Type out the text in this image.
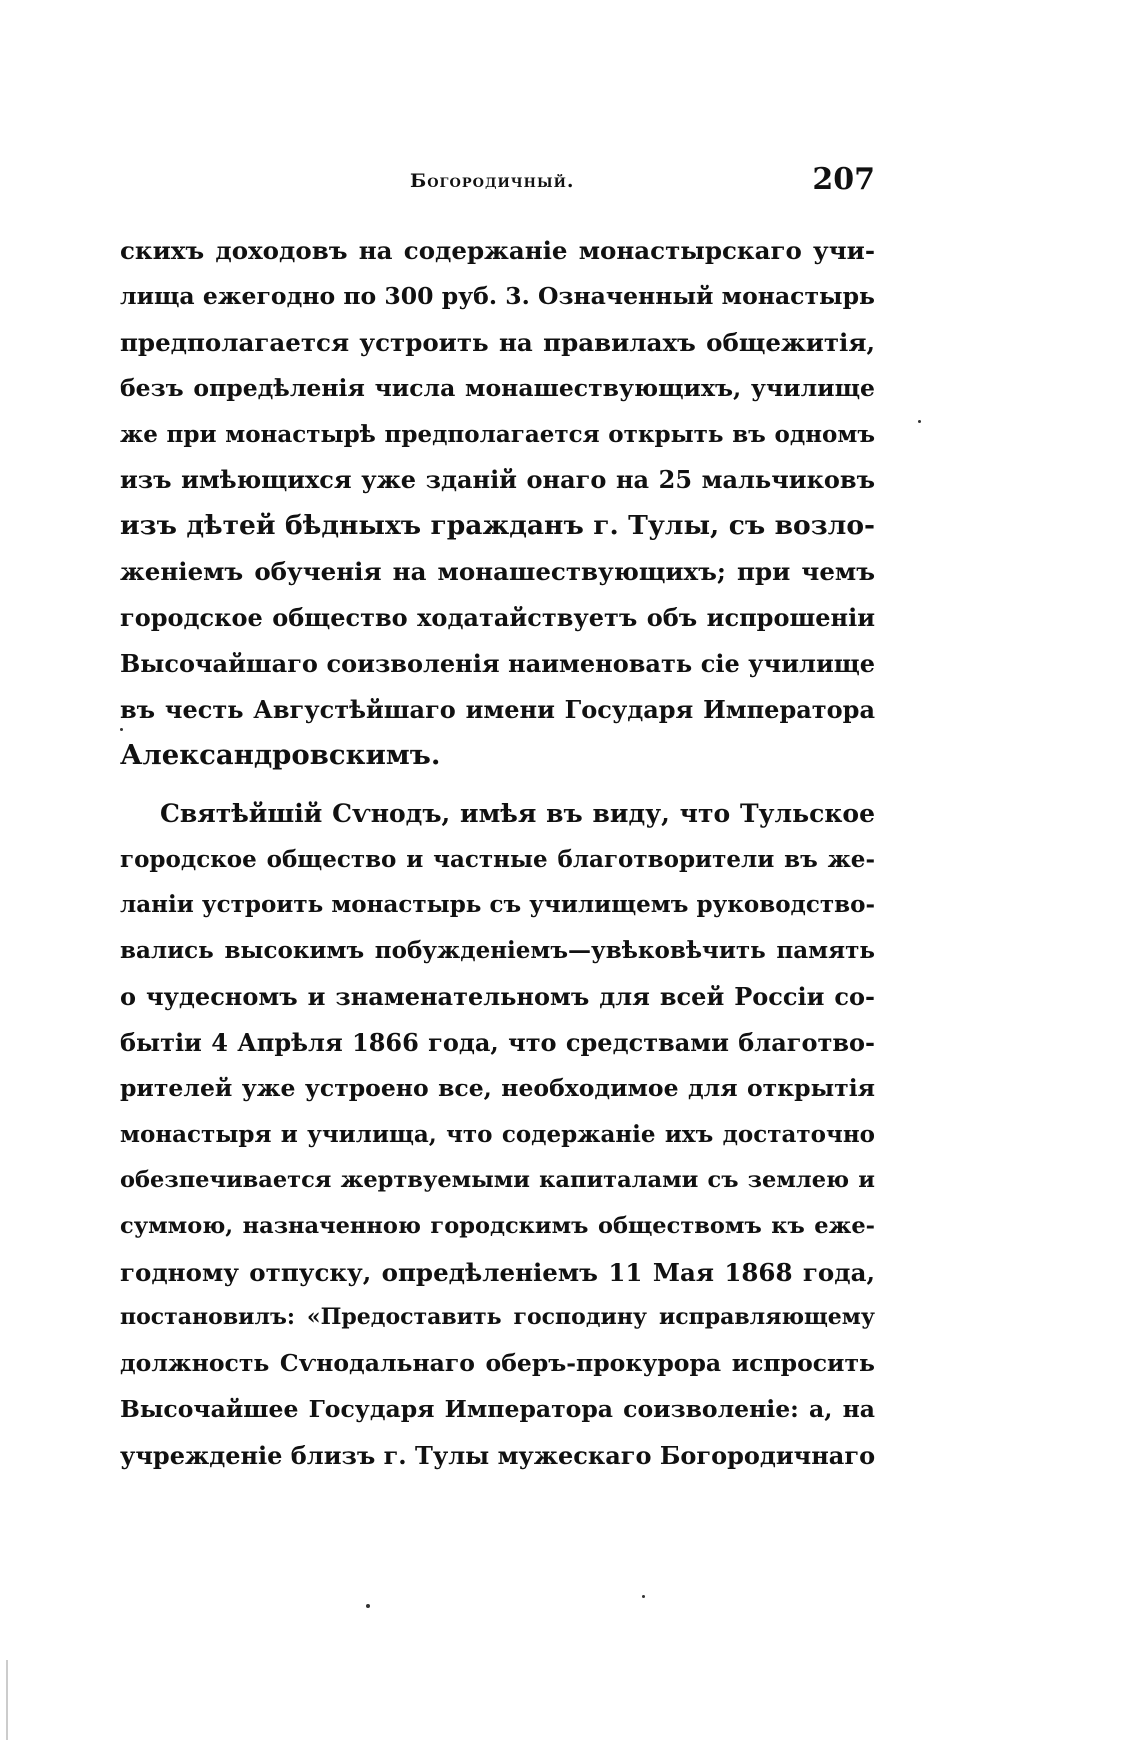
Богородичный.	207
скихъ доходовъ на содержаніе монастырскаго учи-
лища ежегодно по 300 руб. 3. Означенный монастырь
предполагается устроить на правилахъ общежитія,
безъ опредѣленія числа монашествующихъ, училище
же при монастырѣ предполагается открыть въ одномъ
изъ имѣющихся уже зданій онаго на 25 мальчиковъ
изъ дѣтей бѣдныхъ гражданъ г. Тулы, съ возло-
женіемъ обученія на монашествующихъ; при чемъ
городское общество ходатайствуетъ объ испрошеніи
Высочайшаго соизволенія наименовать сіе училище
въ честь Августѣйшаго имени Государя Императора
Александровскимъ.
Святѣйшій Сѵнодъ, имѣя въ виду, что Тульское
городское общество и частные благотворители въ же-
ланіи устроить монастырь съ училищемъ руководство-
вались высокимъ побужденіемъ—увѣковѣчить память
о чудесномъ и знаменательномъ для всей Россіи со-
бытіи 4 Апрѣля 1866 года, что средствами благотво-
рителей уже устроено все, необходимое для открытія
монастыря и училища, что содержаніе ихъ достаточно
обезпечивается жертвуемыми капиталами съ землею и
суммою, назначенною городскимъ обществомъ къ еже-
годному отпуску, опредѣленіемъ 11 Мая 1868 года,
постановилъ: «Предоставить господину исправляющему
должность Сѵнодальнаго оберъ-прокурора испросить
Высочайшее Государя Императора соизволеніе: а, на
учрежденіе близъ г. Тулы мужескаго Богородичнаго
